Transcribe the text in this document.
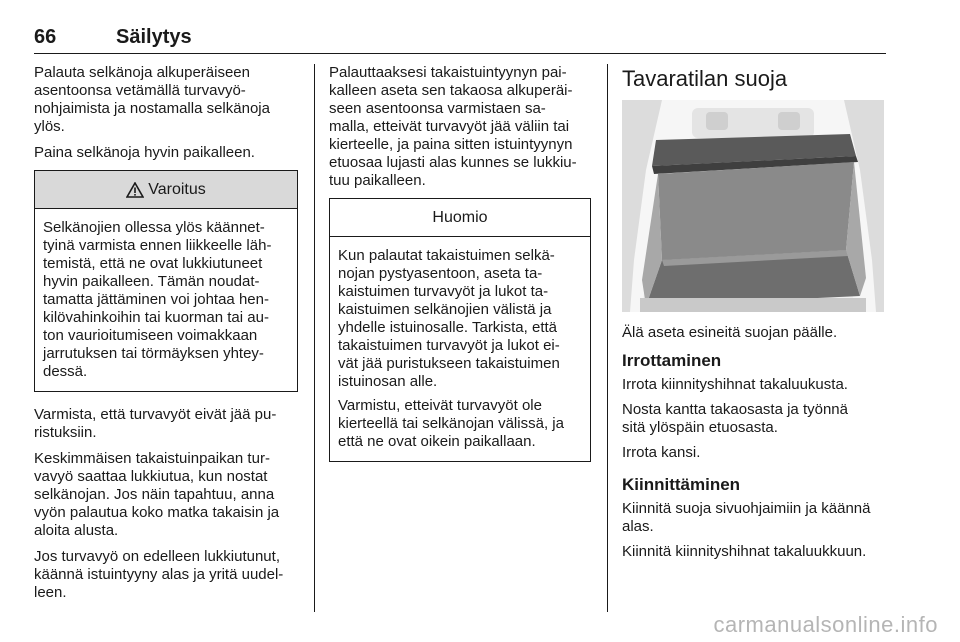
66	Säilytys
Palauta selkänoja alkuperäiseen
asentoonsa vetämällä turvavyö-
nohjaimista ja nostamalla selkänoja
ylös.
Paina selkänoja hyvin paikalleen.
Varoitus
Selkänojien ollessa ylös käännet-
tyinä varmista ennen liikkeelle läh-
temistä, että ne ovat lukkiutuneet
hyvin paikalleen. Tämän noudat-
tamatta jättäminen voi johtaa hen-
kilövahinkoihin tai kuorman tai au-
ton vaurioitumiseen voimakkaan
jarrutuksen tai törmäyksen yhtey-
dessä.
Varmista, että turvavyöt eivät jää pu-
ristuksiin.
Keskimmäisen takaistuinpaikan tur-
vavyö saattaa lukkiutua, kun nostat
selkänojan. Jos näin tapahtuu, anna
vyön palautua koko matka takaisin ja
aloita alusta.
Jos turvavyö on edelleen lukkiutunut,
käännä istuintyyny alas ja yritä uudel-
leen.
Palauttaaksesi takaistuintyynyn pai-
kalleen aseta sen takaosa alkuperäi-
seen asentoonsa varmistaen sa-
malla, etteivät turvavyöt jää väliin tai
kierteelle, ja paina sitten istuintyynyn
etuosaa lujasti alas kunnes se lukkiu-
tuu paikalleen.
Huomio
Kun palautat takaistuimen selkä-
nojan pystyasentoon, aseta ta-
kaistuimen turvavyöt ja lukot ta-
kaistuimen selkänojien välistä ja
yhdelle istuinosalle. Tarkista, että
takaistuimen turvavyöt ja lukot ei-
vät jää puristukseen takaistuimen
istuinosan alle.
Varmistu, etteivät turvavyöt ole
kierteellä tai selkänojan välissä, ja
että ne ovat oikein paikallaan.
Tavaratilan suoja
Älä aseta esineitä suojan päälle.
Irrottaminen
Irrota kiinnityshihnat takaluukusta.
Nosta kantta takaosasta ja työnnä
sitä ylöspäin etuosasta.
Irrota kansi.
Kiinnittäminen
Kiinnitä suoja sivuohjaimiin ja käännä
alas.
Kiinnitä kiinnityshihnat takaluukkuun.
carmanualsonline.info
